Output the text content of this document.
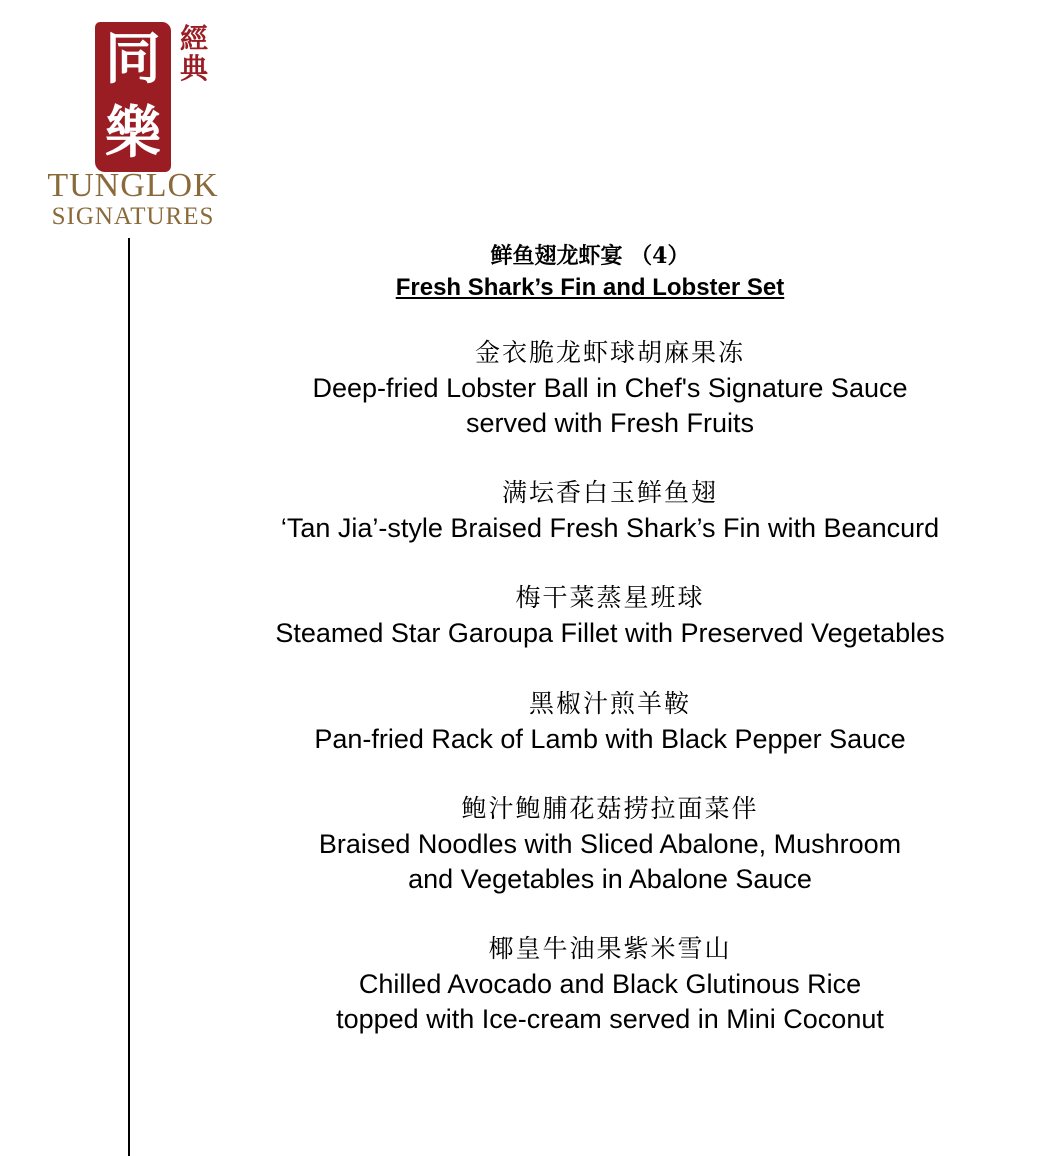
同
樂
經
典
TUNGLOK
SIGNATURES
鲜鱼翅龙虾宴 （4）
Fresh Shark’s Fin and Lobster Set
金衣脆龙虾球胡麻果冻
Deep-fried Lobster Ball in Chef's Signature Sauce
served with Fresh Fruits
满坛香白玉鲜鱼翅
‘Tan Jia’-style Braised Fresh Shark’s Fin with Beancurd
梅干菜蒸星班球
Steamed Star Garoupa Fillet with Preserved Vegetables
黑椒汁煎羊鞍
Pan-fried Rack of Lamb with Black Pepper Sauce
鲍汁鲍脯花菇捞拉面菜伴
Braised Noodles with Sliced Abalone, Mushroom
and Vegetables in Abalone Sauce
椰皇牛油果紫米雪山
Chilled Avocado and Black Glutinous Rice
topped with Ice-cream served in Mini Coconut
